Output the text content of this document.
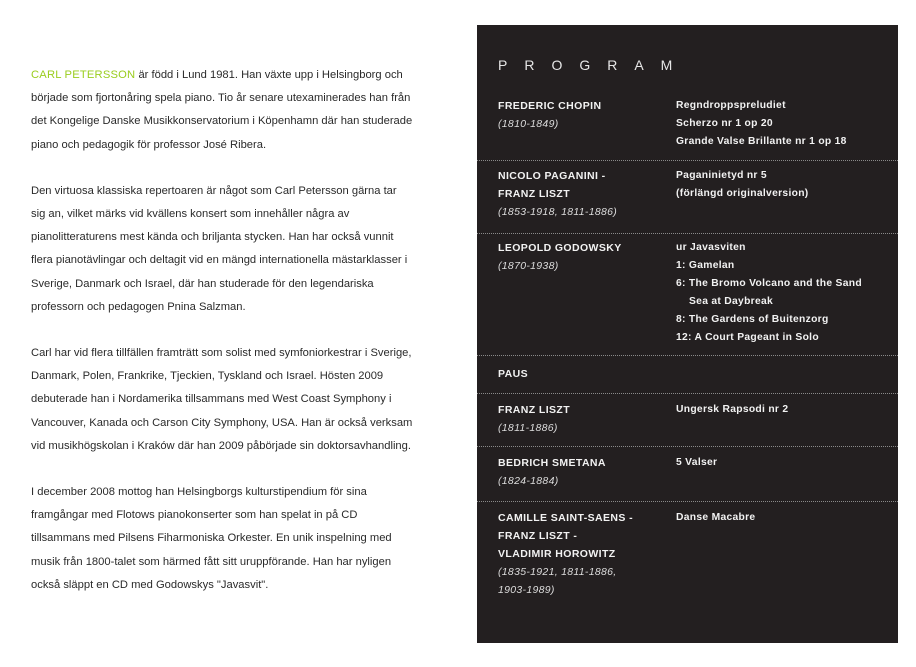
CARL PETERSSON är född i Lund 1981. Han växte upp i Helsingborg och började som fjortonåring spela piano. Tio år senare utexaminerades han från det Kongelige Danske Musikkonservatorium i Köpenhamn där han studerade piano och pedagogik för professor José Ribera.

Den virtuosa klassiska repertoaren är något som Carl Petersson gärna tar sig an, vilket märks vid kvällens konsert som innehåller några av pianolitteraturens mest kända och briljanta stycken. Han har också vunnit flera pianotävlingar och deltagit vid en mängd internationella mästarklasser i Sverige, Danmark och Israel, där han studerade för den legendariska professorn och pedagogen Pnina Salzman.

Carl har vid flera tillfällen framträtt som solist med symfoniorkestrar i Sverige, Danmark, Polen, Frankrike, Tjeckien, Tyskland och Israel. Hösten 2009 debuterade han i Nordamerika tillsammans med West Coast Symphony i Vancouver, Kanada och Carson City Symphony, USA. Han är också verksam vid musikhögskolan i Kraków där han 2009 påbörjade sin doktorsavhandling.

I december 2008 mottog han Helsingborgs kulturstipendium för sina framgångar med Flotows pianokonserter som han spelat in på CD tillsammans med Pilsens Fiharmoniska Orkester. En unik inspelning med musik från 1800-talet som härmed fått sitt uruppförande. Han har nyligen också släppt en CD med Godowskys "Javasvit".

PROGRAM
FREDERIC CHOPIN
(1810-1849)
Regndroppspreludiet
Scherzo nr 1 op 20
Grande Valse Brillante nr 1 op 18
NICOLO PAGANINI -
FRANZ LISZT
(1853-1918, 1811-1886)
Paganinietyd nr 5
(förlängd originalversion)
LEOPOLD GODOWSKY
(1870-1938)
ur Javasviten
1: Gamelan
6: The Bromo Volcano and the Sand
Sea at Daybreak
8: The Gardens of Buitenzorg
12: A Court Pageant in Solo
PAUS
FRANZ LISZT
(1811-1886)
Ungersk Rapsodi nr 2
BEDRICH SMETANA
(1824-1884)
5 Valser
CAMILLE SAINT-SAENS -
FRANZ LISZT -
VLADIMIR HOROWITZ
(1835-1921, 1811-1886,
1903-1989)
Danse Macabre
